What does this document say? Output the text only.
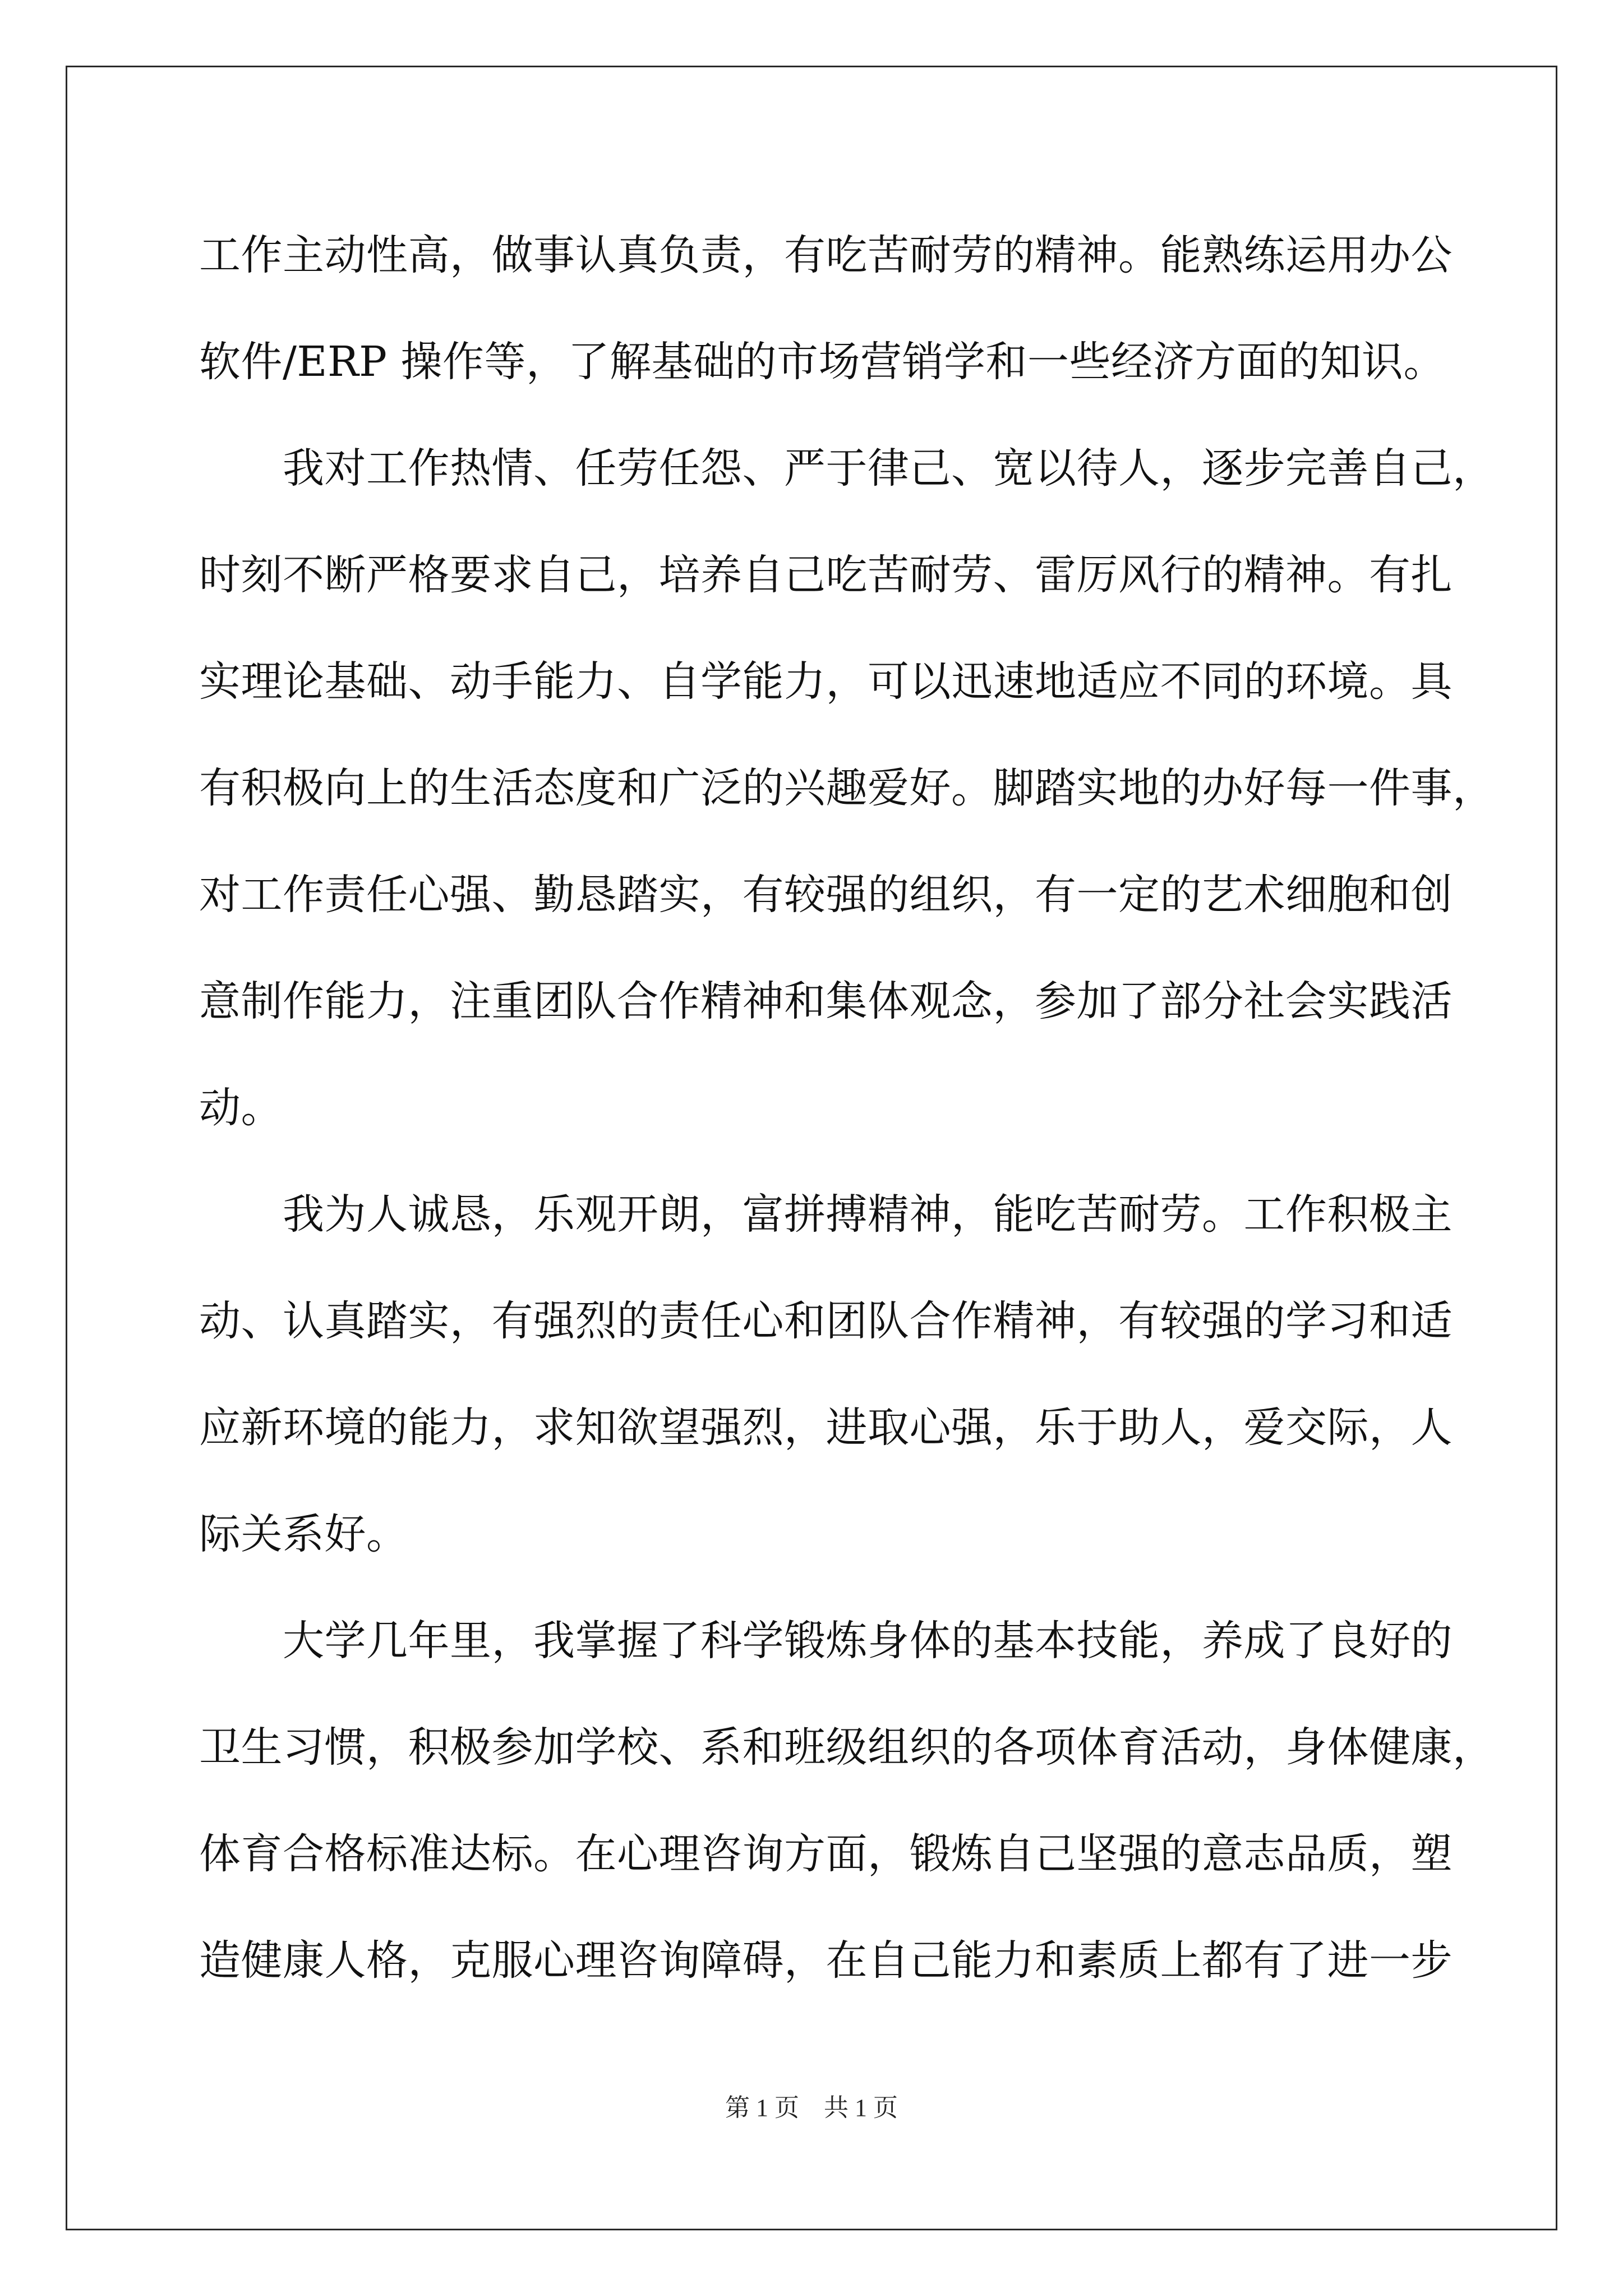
工作主动性高，做事认真负责，有吃苦耐劳的精神。能熟练运用办公
软件/ERP 操作等，了解基础的市场营销学和一些经济方面的知识。
　　我对工作热情、任劳任怨、严于律己、宽以待人，逐步完善自己，
时刻不断严格要求自己，培养自己吃苦耐劳、雷厉风行的精神。有扎
实理论基础、动手能力、自学能力，可以迅速地适应不同的环境。具
有积极向上的生活态度和广泛的兴趣爱好。脚踏实地的办好每一件事，
对工作责任心强、勤恳踏实，有较强的组织，有一定的艺术细胞和创
意制作能力，注重团队合作精神和集体观念，参加了部分社会实践活
动。
　　我为人诚恳，乐观开朗，富拼搏精神，能吃苦耐劳。工作积极主
动、认真踏实，有强烈的责任心和团队合作精神，有较强的学习和适
应新环境的能力，求知欲望强烈，进取心强，乐于助人，爱交际，人
际关系好。
　　大学几年里，我掌握了科学锻炼身体的基本技能，养成了良好的
卫生习惯，积极参加学校、系和班级组织的各项体育活动，身体健康，
体育合格标准达标。在心理咨询方面，锻炼自己坚强的意志品质，塑
造健康人格，克服心理咨询障碍，在自己能力和素质上都有了进一步
第 1 页　共 1 页
